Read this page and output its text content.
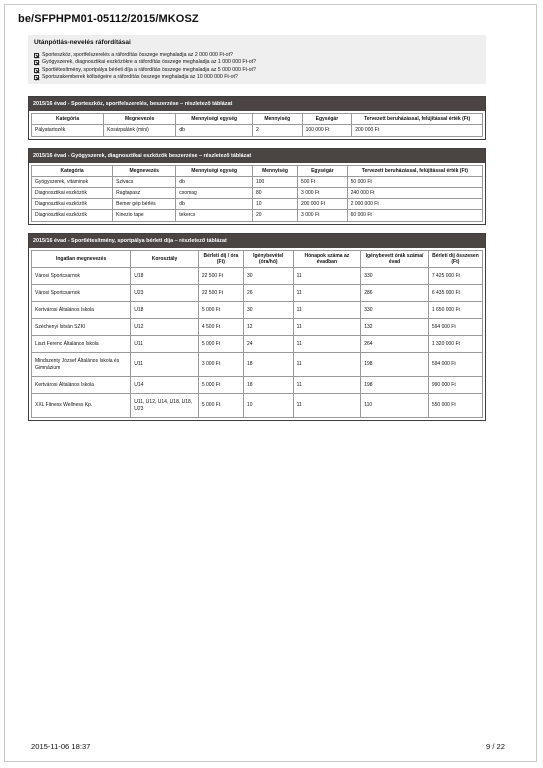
be/SFPHPM01-05112/2015/MKOSZ
Utánpótlás-nevelés ráfordításai
Sporteszköz, sportfelszerelés a ráfordítás összege meghaladja az 2 000 000 Ft-ot?
Gyógyszerek, diagnosztikai eszközökre a ráfordítás összege meghaladja az 1 000 000 Ft-ot?
Sportlétesítmény, sportpálya bérleti díja a ráfordítás összege meghaladja az 5 000 000 Ft-ot?
Sportszakemberek költségeire a ráfordítás összege meghaladja az 10 000 000 Ft-ot?
2015/16 évad - Sporteszköz, sportfelszerelés, beszerzése – részletező táblázat
Kategória	Megnevezés	Mennyiségi egység	Mennyiség	Egységár	Tervezett beruházással, felújítással érték (Ft)
Pályatartozék	Kosárpalánk (mini)	db	2	100 000 Ft	200 000 Ft
2015/16 évad - Gyógyszerek, diagnosztikai eszközök beszerzése – részletező táblázat
Kategória	Megnevezés	Mennyiségi egység	Mennyiség	Egységár	Tervezett beruházással, felújítással érték (Ft)
Gyógyszerek, vitaminok	Szivacs	db	100	500 Ft	50 000 Ft
Diagnosztikai eszközök	Ragtapasz	csomag	80	3 000 Ft	240 000 Ft
Diagnosztikai eszközök	Bemer gép bérlés	db	10	200 000 Ft	2 000 000 Ft
Diagnosztikai eszközök	Kinezio tape	tekercs	20	3 000 Ft	60 000 Ft
2015/16 évad - Sportlétesítmény, sportpálya bérleti díja – részletező táblázat
Ingatlan megnevezés	Korosztály	Bérleti díj / óra (Ft)	Igénybevétel (óra/hó)	Hónapok száma az évadban	Igénybevett órák száma/évad	Bérleti díj összesen (Ft)
Városi Sportcsarnok	U18	22 500 Ft	30	11	330	7 425 000 Ft
Városi Sportcsarnok	U23	22 500 Ft	26	11	286	6 435 000 Ft
Kertvárosi Általános Iskola	U18	5 000 Ft	30	11	330	1 650 000 Ft
Széchenyi István SZKI	U12	4 500 Ft	12	11	132	594 000 Ft
Liszt Ferenc Általános Iskola	U11	5 000 Ft	24	11	264	1 320 000 Ft
Mindszenty József Általános Iskola és Gimnázium	U11	3 000 Ft	18	11	198	594 000 Ft
Kertvárosi Általános Iskola	U14	5 000 Ft	18	11	198	990 000 Ft
XXL Fitness Wellness Kp.	U11, U12, U14, U18, U18, U23	5 000 Ft	10	11	110	550 000 Ft
2015-11-06 18:37	9 / 22
